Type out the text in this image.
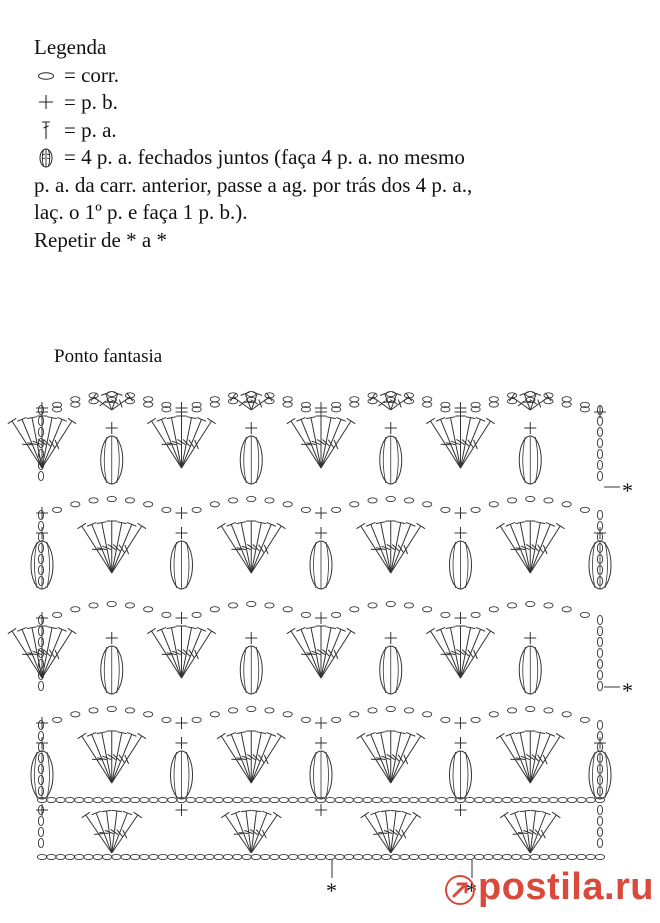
Legenda
= corr.
= p. b.
= p. a.
= 4 p. a. fechados juntos (faça 4 p. a. no mesmo
p. a. da carr. anterior, passe a ag. por trás dos 4 p. a.,
laç. o 1º p. e faça 1 p. b.).
Repetir de * a *
Ponto fantasia
*
*
*	* postila.ru
